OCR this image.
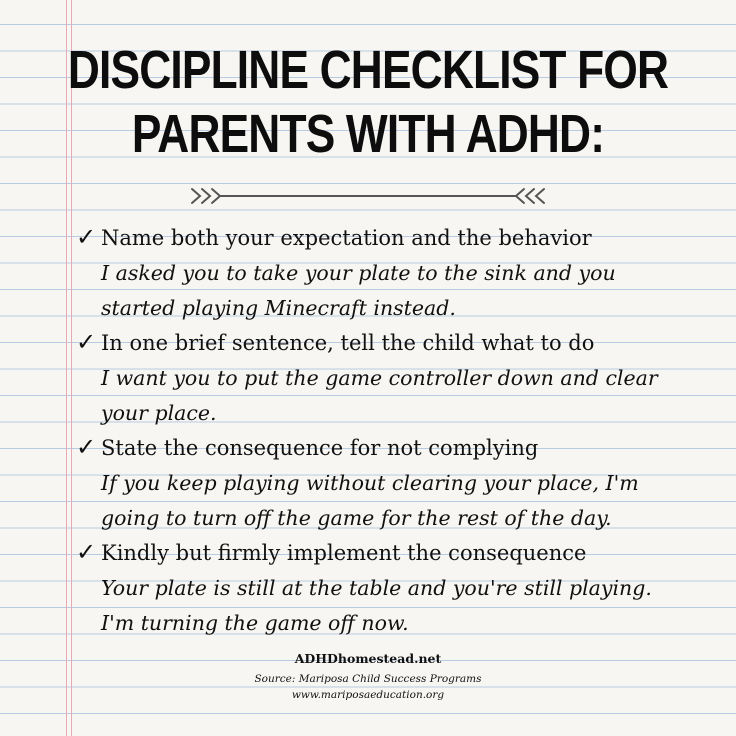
DISCIPLINE CHECKLIST FOR
PARENTS WITH ADHD:
✓ Name both your expectation and the behavior
I asked you to take your plate to the sink and you started playing Minecraft instead.
✓ In one brief sentence, tell the child what to do
I want you to put the game controller down and clear your place.
✓ State the consequence for not complying
If you keep playing without clearing your place, I'm going to turn off the game for the rest of the day.
✓ Kindly but firmly implement the consequence
Your plate is still at the table and you're still playing. I'm turning the game off now.
ADHDhomestead.net
Source: Mariposa Child Success Programs
www.mariposaeducation.org
